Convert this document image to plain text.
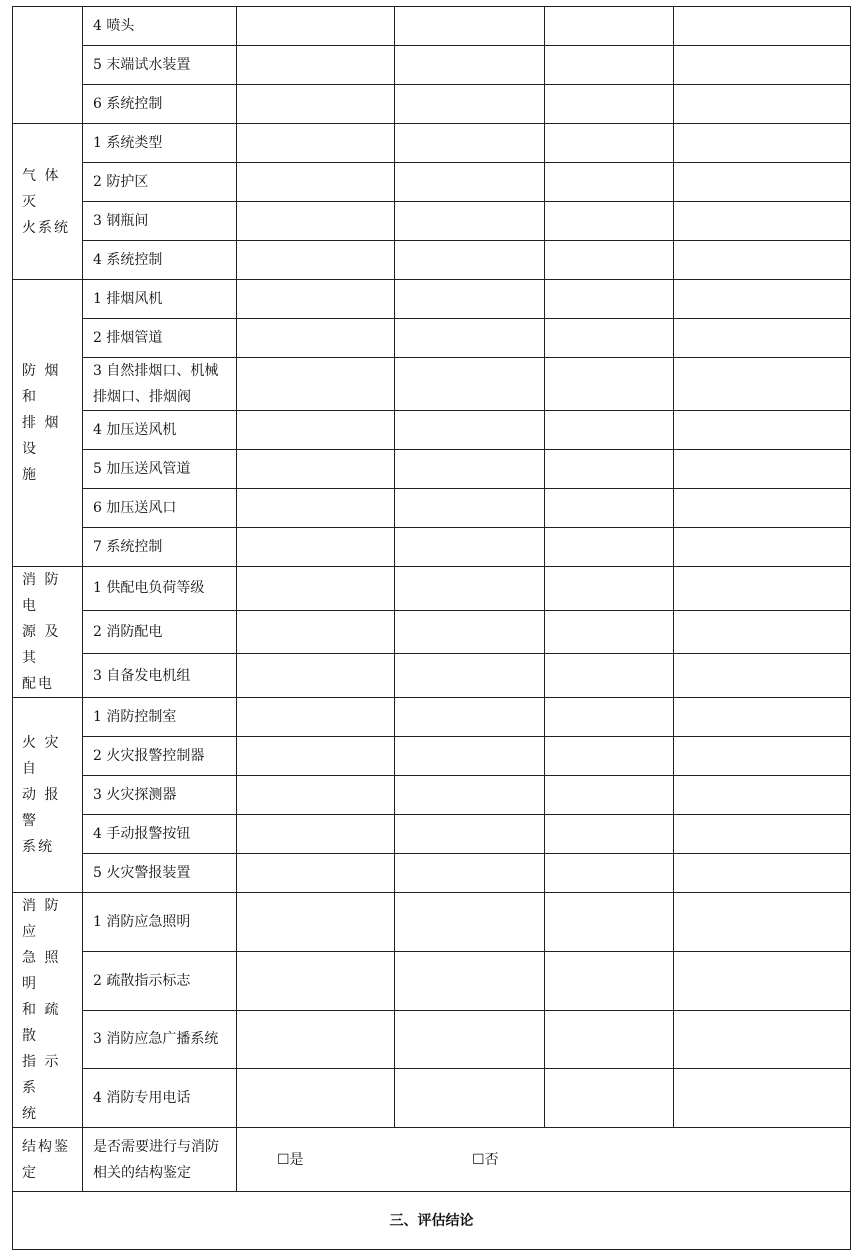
	4 喷头				
	5 末端试水装置				
	6 系统控制				

气 体 灭
火系统	1 系统类型				
	2 防护区				
	3 钢瓶间				
	4 系统控制				

防 烟 和
排 烟 设
施	1 排烟风机				
	2 排烟管道				

	3 自然排烟口、机械
排烟口、排烟阀				

	4 加压送风机				
	5 加压送风管道				
	6 加压送风口				
	7 系统控制				

消 防 电
源 及 其
配电	1 供配电负荷等级				
	2 消防配电				
	3 自备发电机组				

火 灾 自
动 报 警
系统	1 消防控制室				
	2 火灾报警控制器				
	3 火灾探测器				
	4 手动报警按钮				
	5 火灾警报装置				

消 防 应
急 照 明
和 疏 散
指 示 系
统	1 消防应急照明				
	2 疏散指示标志				
	3 消防应急广播系统				
	4 消防专用电话				

结构鉴
定	是否需要进行与消防
相关的结构鉴定	☐是 ☐否			
三、评估结论					
